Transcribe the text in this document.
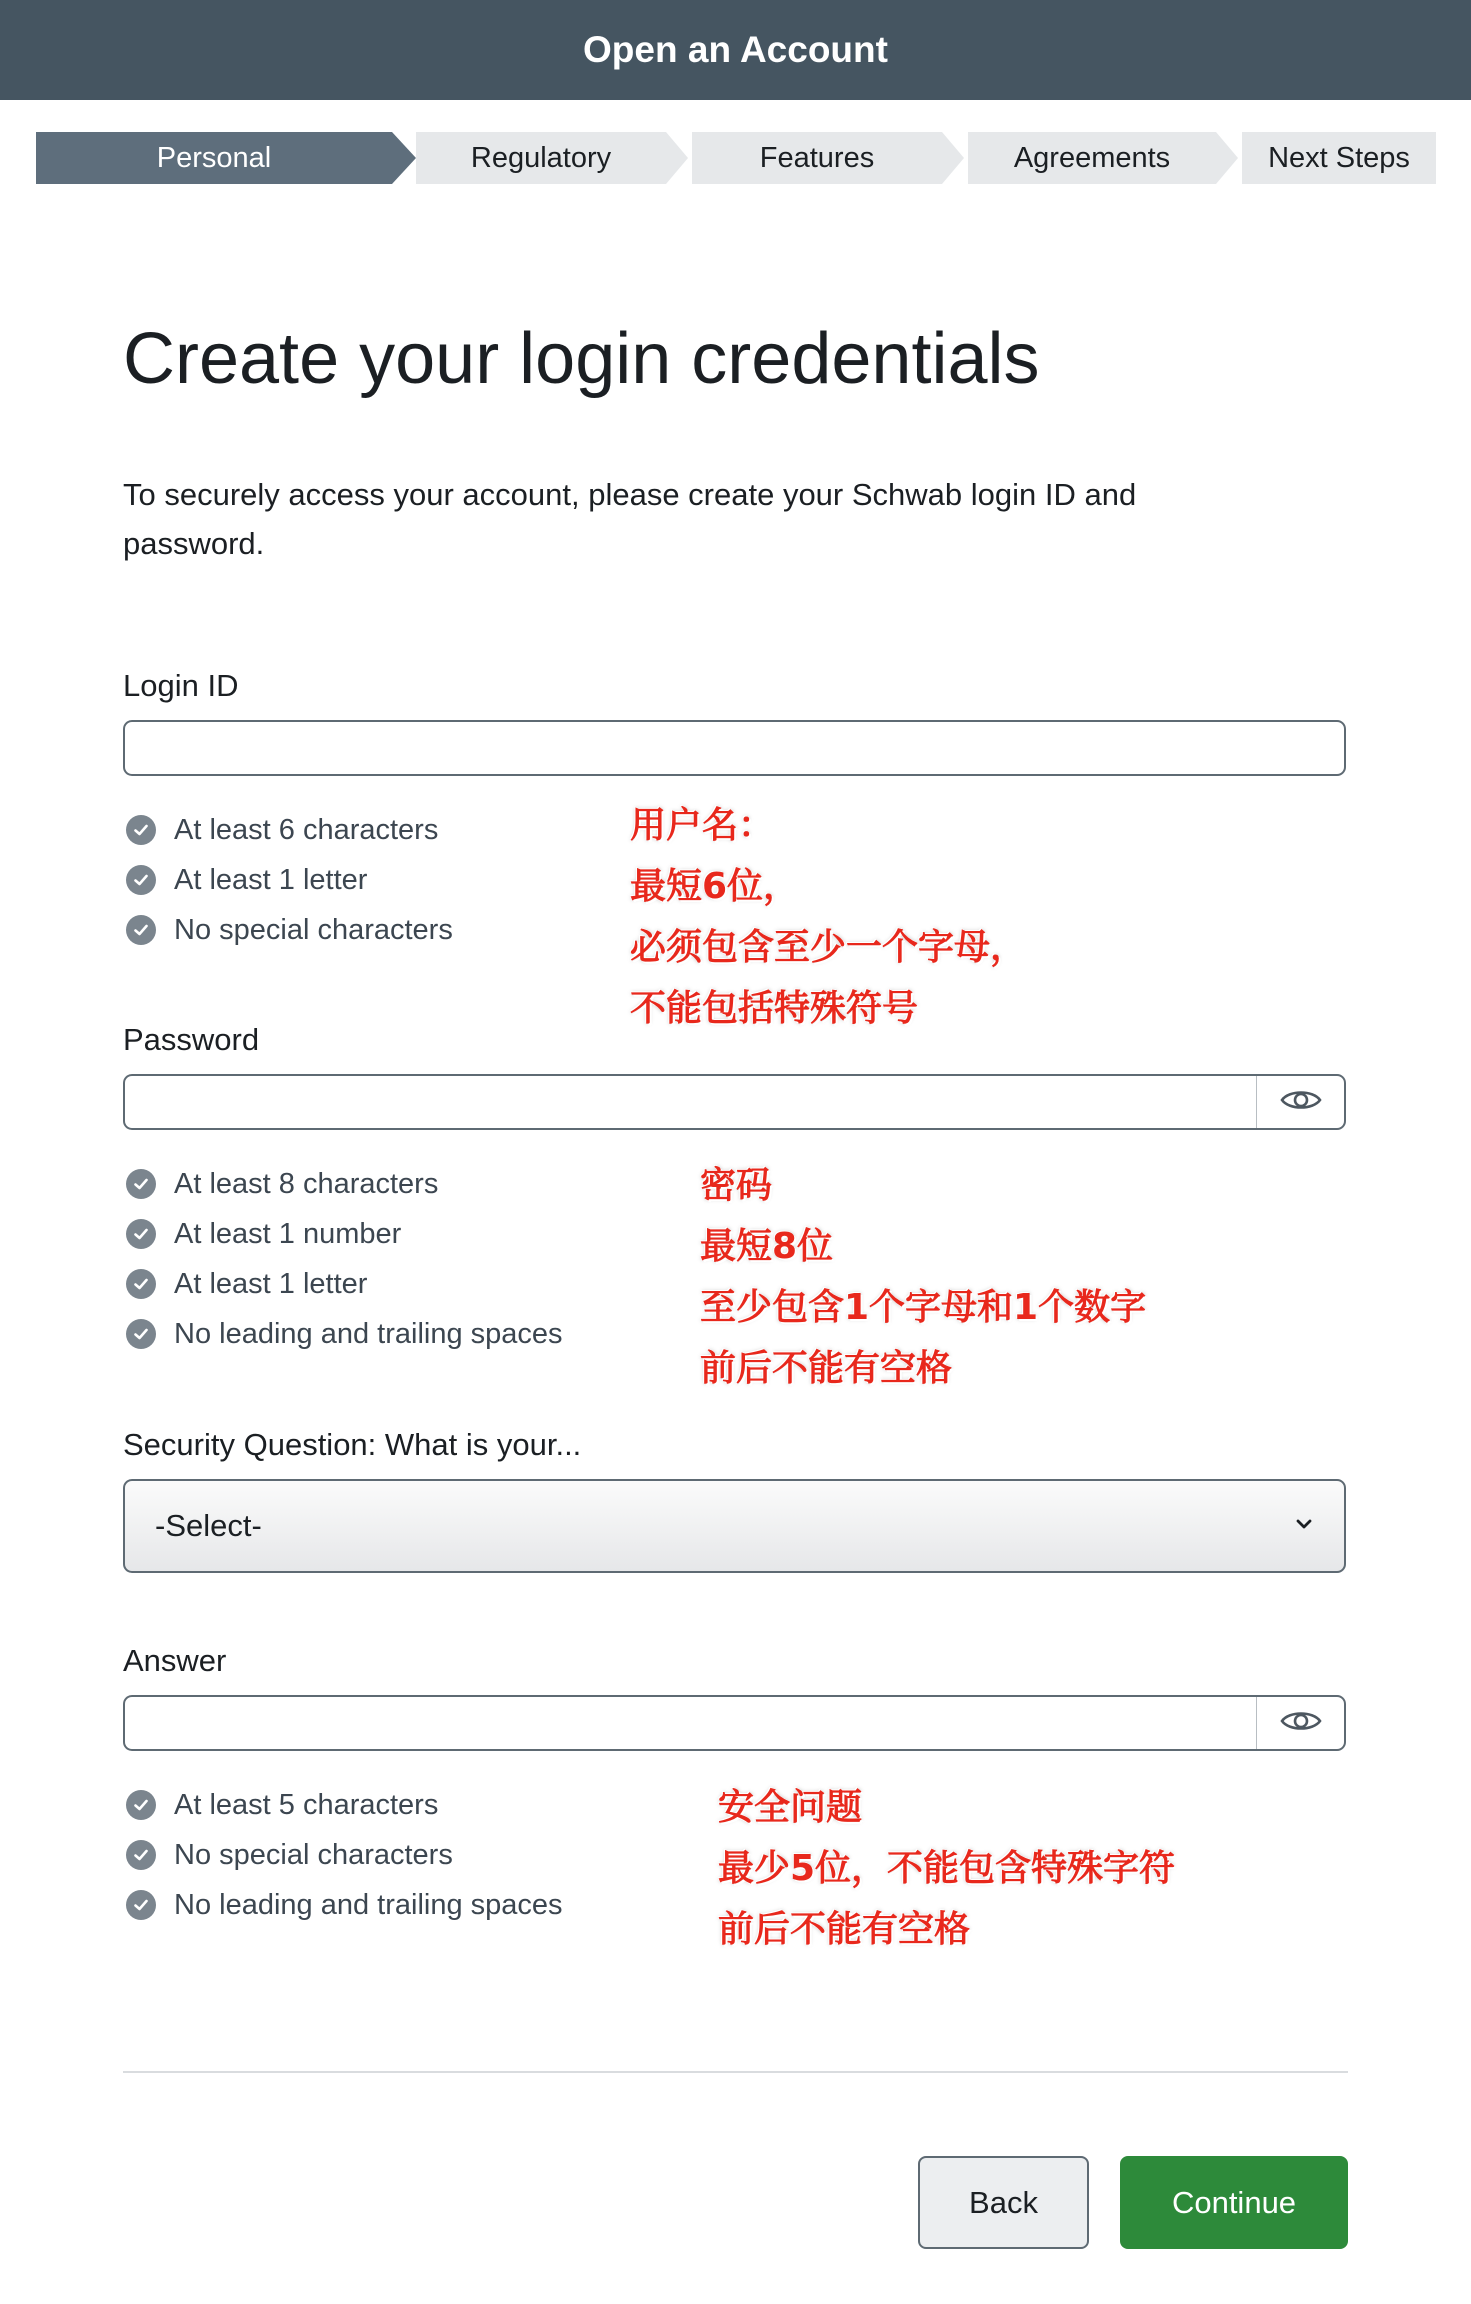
Open an Account
Personal	Regulatory	Features	Agreements	Next Steps
Create your login credentials
To securely access your account, please create your Schwab login ID and password.
Login ID
At least 6 characters
At least 1 letter
No special characters
用户名：
最短6位，
必须包含至少一个字母，
不能包括特殊符号
Password
At least 8 characters
At least 1 number
At least 1 letter
No leading and trailing spaces
密码
最短8位
至少包含1个字母和1个数字
前后不能有空格
Security Question: What is your...
-Select-
Answer
At least 5 characters
No special characters
No leading and trailing spaces
安全问题
最少5位，不能包含特殊字符
前后不能有空格
Back	Continue
